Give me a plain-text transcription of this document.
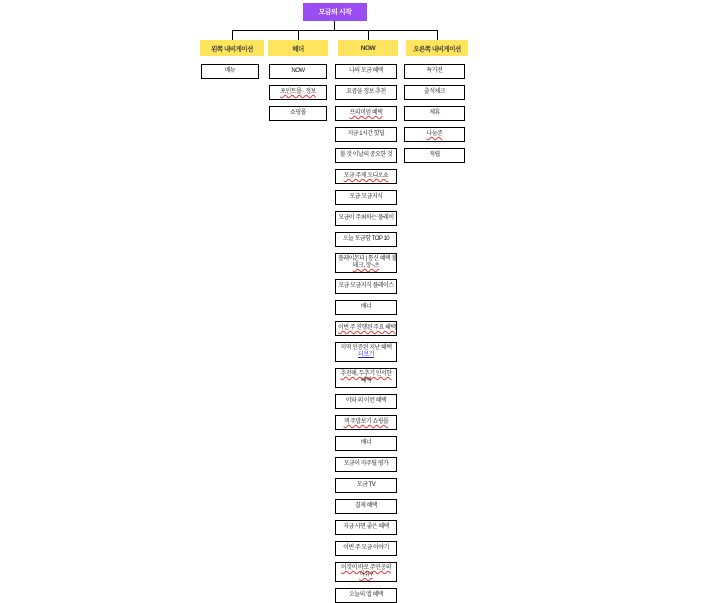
모금의 시작
왼쪽 내비게이션	헤더	NOW	오른쪽 내비게이션
메뉴	NOW
포인트몰 · 정보
쇼핑몰
나의 모금 혜택
요즘을 정보 추천
프리미엄 혜택
지금 1시간 핫딜
볼 것 이날의 중요한 것
모금 주제 오디오쇼
모금 모금지식
모금이 주최하는 플레이
오늘 모금함 TOP 10
플레이몬더 | 통신 혜택 볼
테크, 장~츠
모금 모금지식 플레이스
배너
이번 주 진행된 주요 혜택
지역 인증된 지난 혜택
더보기
추천해, 두추기 인서한
혜택
이와 외 이런 혜택
잭 주말보기 쇼핑몰
배너
모금이 자주될 평가
모금 TV
결제 혜택
지금 사면 좋은 혜택
이번 주 모금 이야기
이것이 바로 주인공의
이유?
오늘의 앱 혜택
특가전
출석체크
제휴
나눔존
적립
